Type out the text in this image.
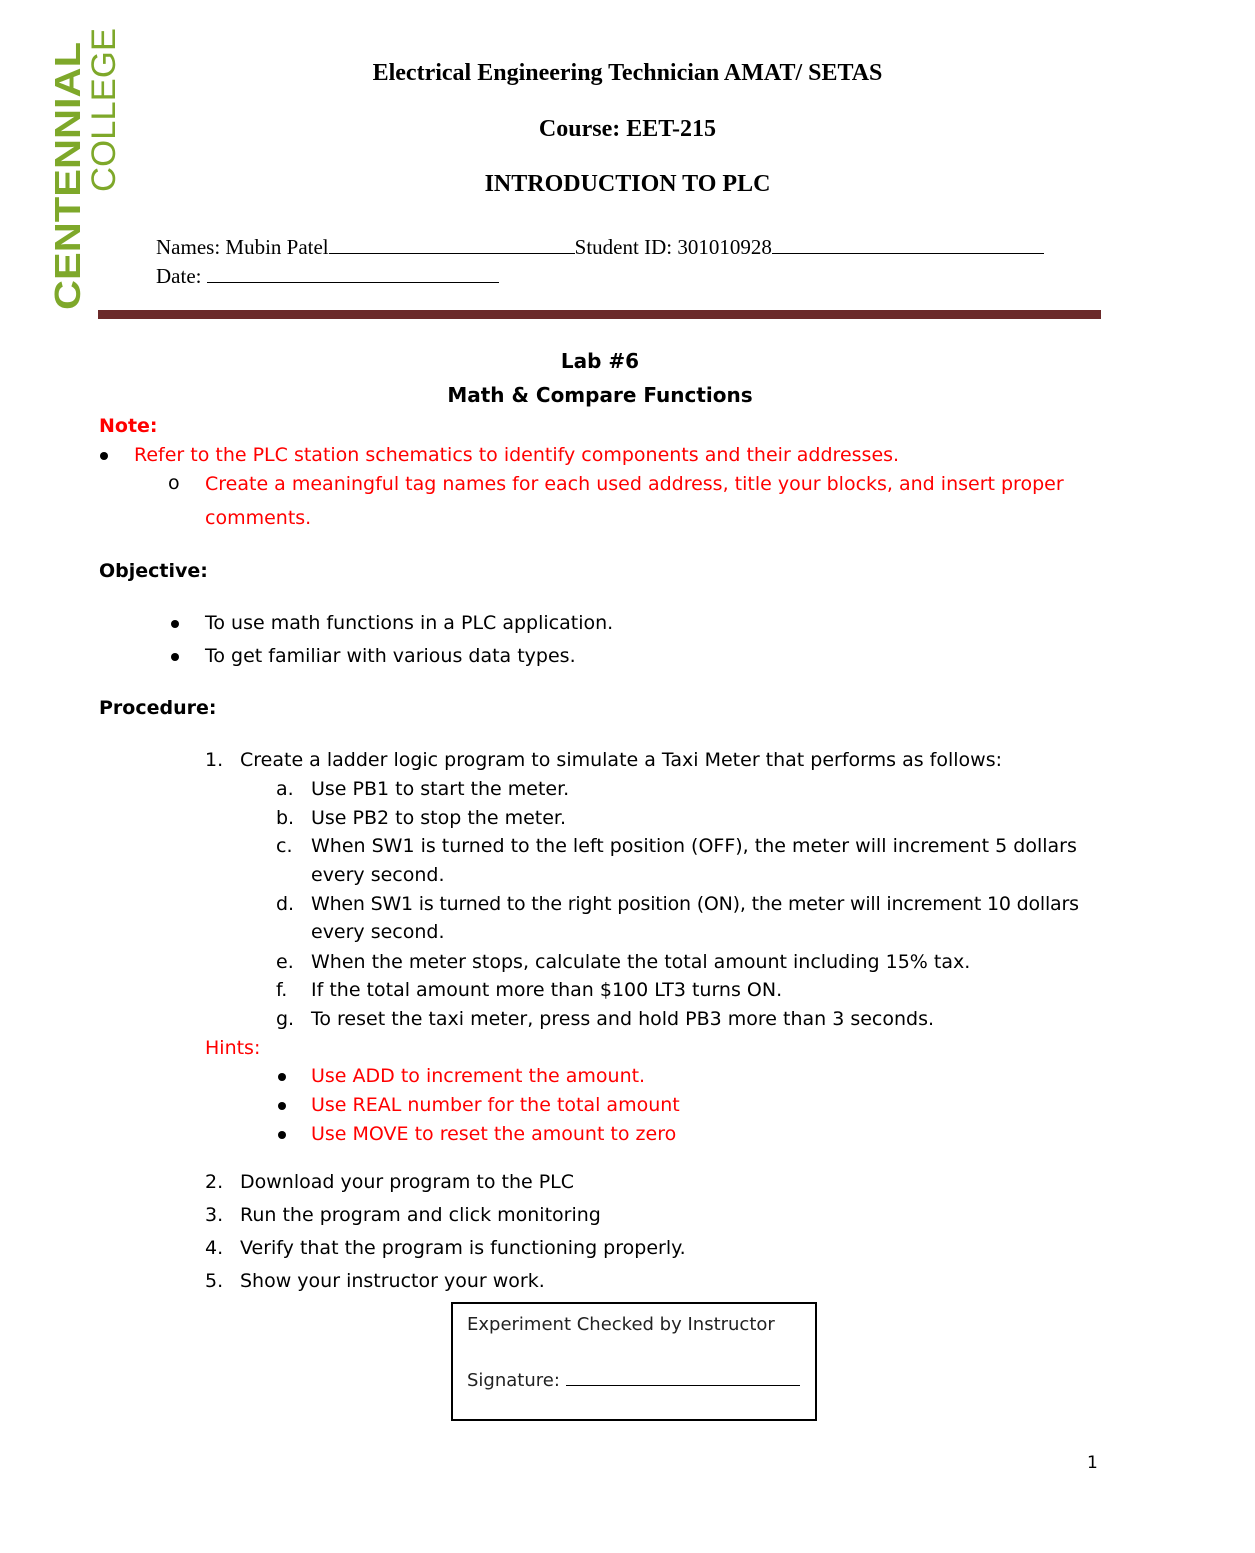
CENTENNIAL
COLLEGE	Electrical Engineering Technician AMAT/ SETAS
Course: EET-215
INTRODUCTION TO PLC
Names: Mubin Patel	Student ID: 301010928
Date:
Lab #6
Math & Compare Functions
Note:
Refer to the PLC station schematics to identify components and their addresses.
o Create a meaningful tag names for each used address, title your blocks, and insert proper
comments.
Objective:
To use math functions in a PLC application.
To get familiar with various data types.
Procedure:
1. Create a ladder logic program to simulate a Taxi Meter that performs as follows:
a. Use PB1 to start the meter.
b. Use PB2 to stop the meter.
c. When SW1 is turned to the left position (OFF), the meter will increment 5 dollars
every second.
d. When SW1 is turned to the right position (ON), the meter will increment 10 dollars
every second.
e. When the meter stops, calculate the total amount including 15% tax.
f. If the total amount more than $100 LT3 turns ON.
g. To reset the taxi meter, press and hold PB3 more than 3 seconds.
Hints:
Use ADD to increment the amount.
Use REAL number for the total amount
Use MOVE to reset the amount to zero
2. Download your program to the PLC
3. Run the program and click monitoring
4. Verify that the program is functioning properly.
5. Show your instructor your work.
Experiment Checked by Instructor
Signature:
1
